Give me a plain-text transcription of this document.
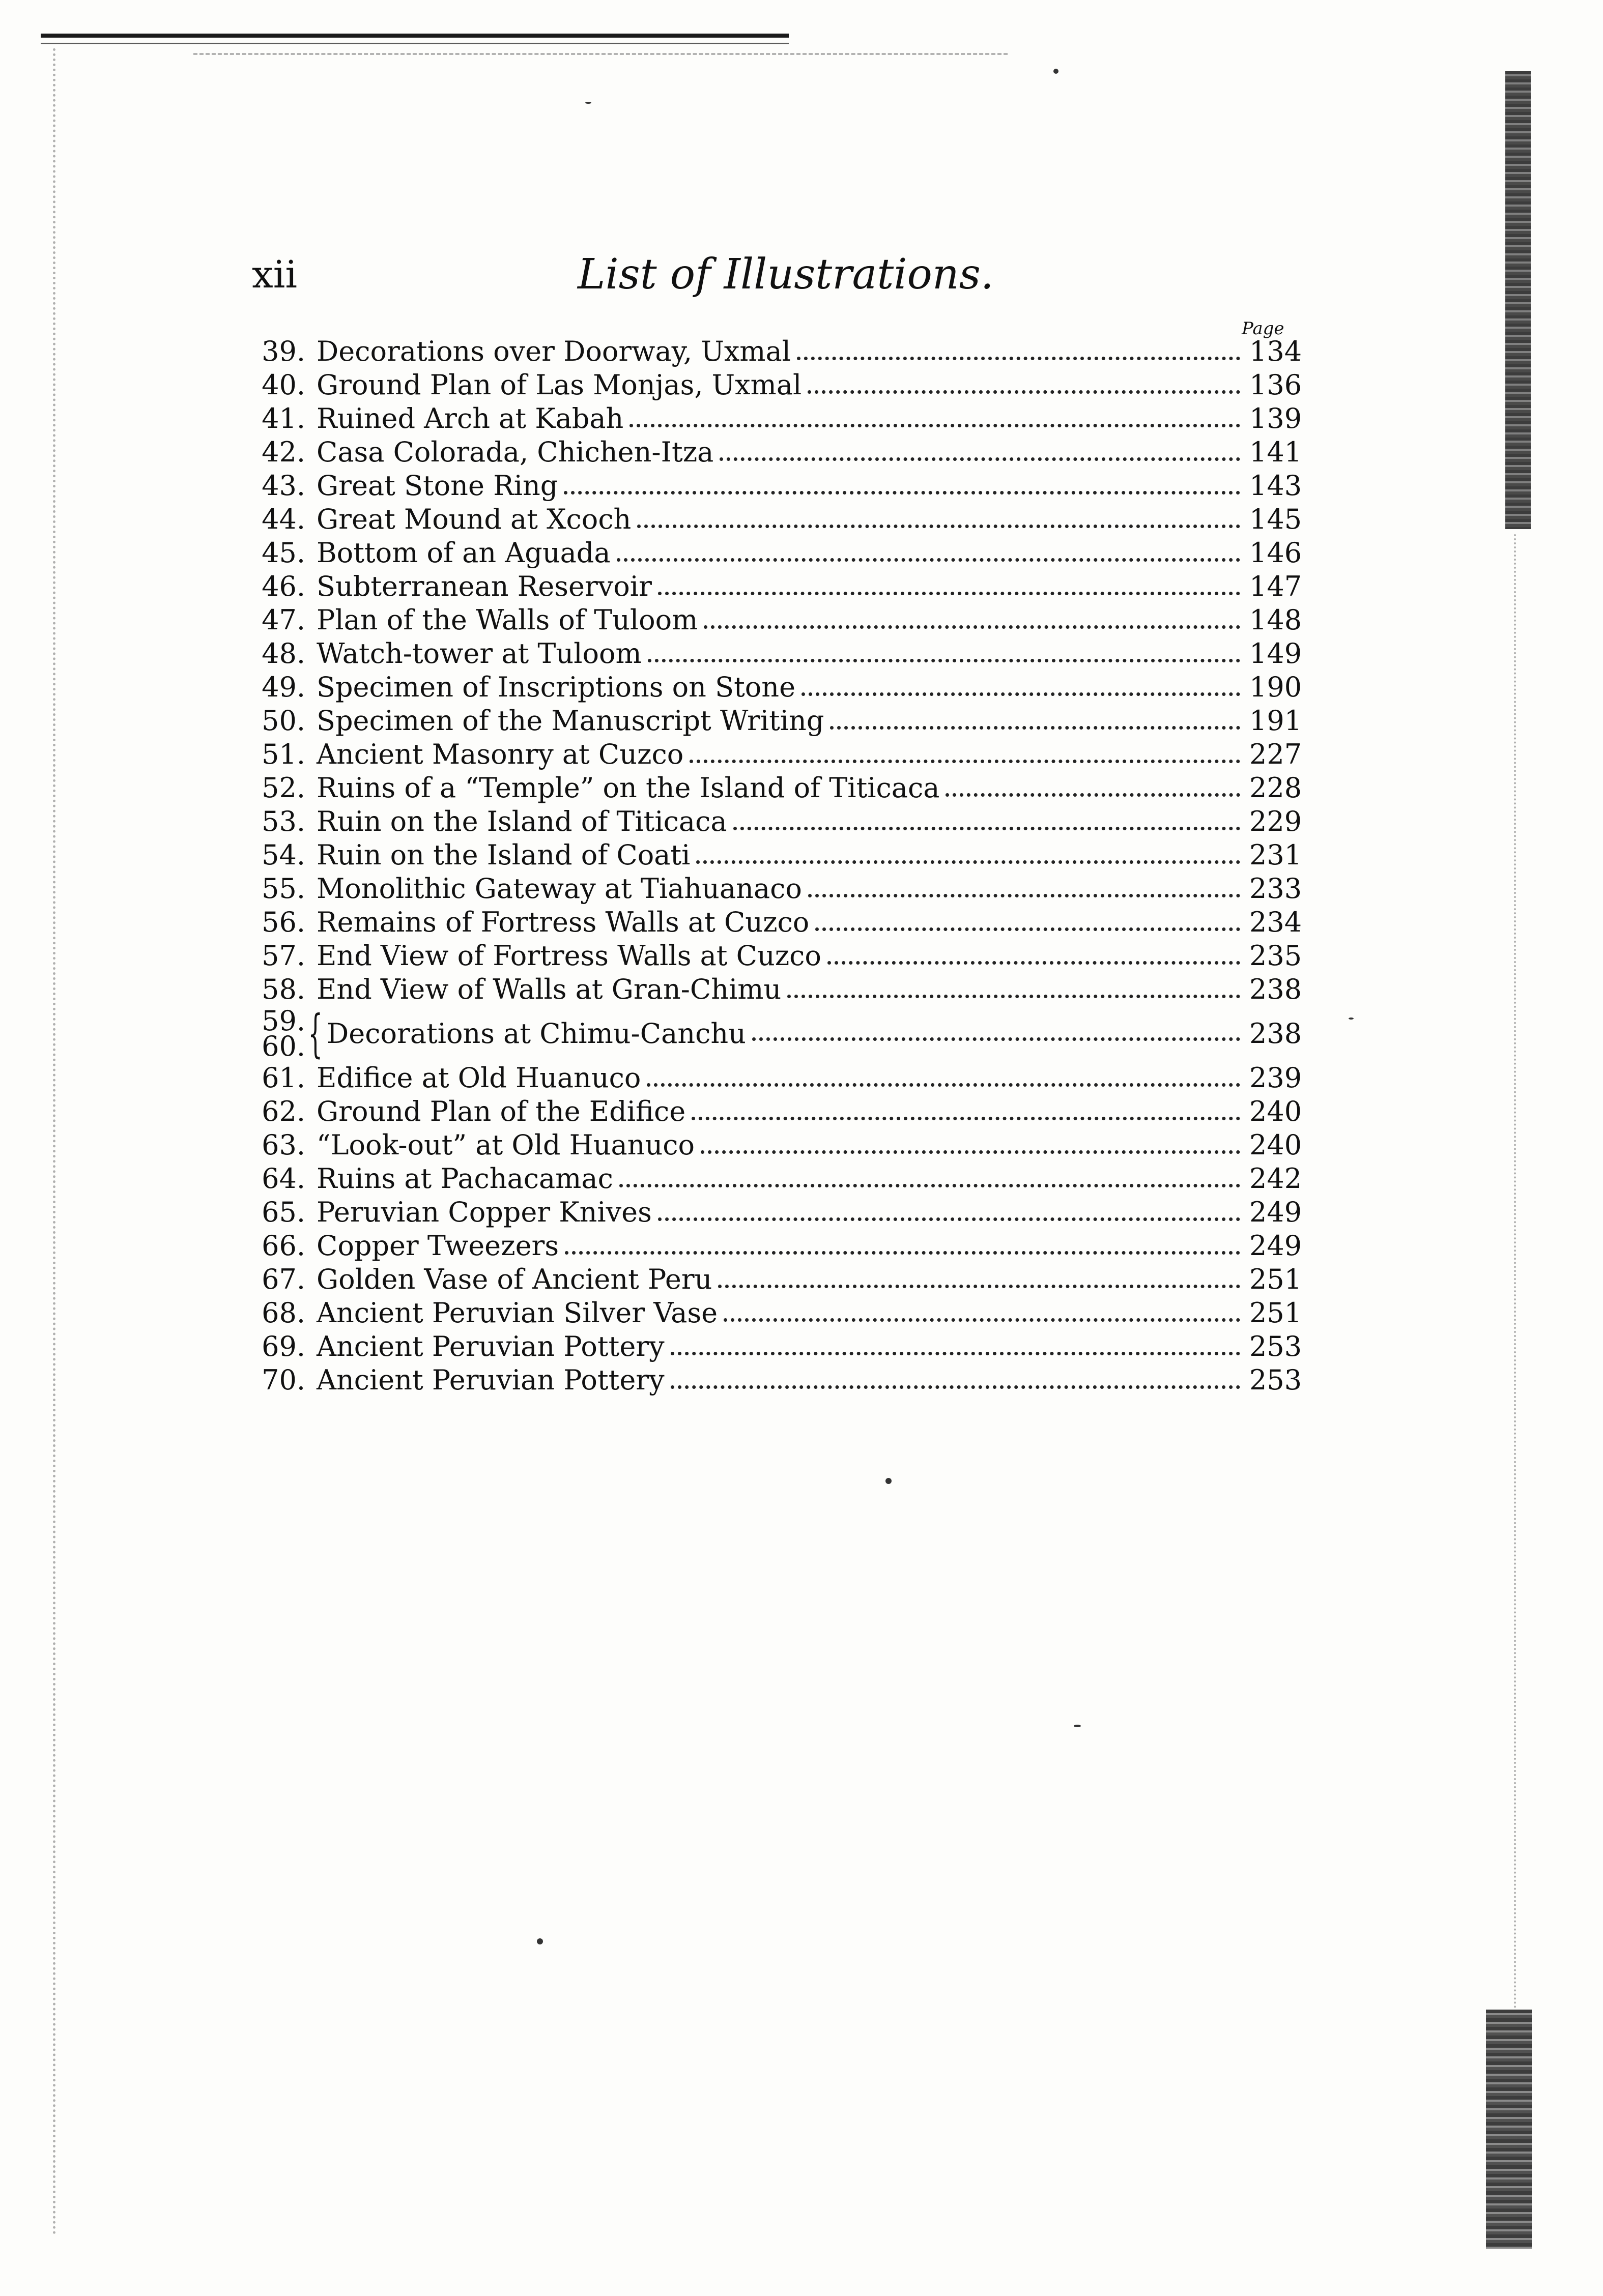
xii	List of Illustrations.
Page
39. Decorations over Doorway, Uxmal	134
40. Ground Plan of Las Monjas, Uxmal	136
41. Ruined Arch at Kabah	139
42. Casa Colorada, Chichen-Itza	141
43. Great Stone Ring	143
44. Great Mound at Xcoch	145
45. Bottom of an Aguada	146
46. Subterranean Reservoir	147
47. Plan of the Walls of Tuloom	148
48. Watch-tower at Tuloom	149
49. Specimen of Inscriptions on Stone	190
50. Specimen of the Manuscript Writing	191
51. Ancient Masonry at Cuzco	227
52. Ruins of a “Temple” on the Island of Titicaca	228
53. Ruin on the Island of Titicaca	229
54. Ruin on the Island of Coati	231
55. Monolithic Gateway at Tiahuanaco	233
56. Remains of Fortress Walls at Cuzco	234
57. End View of Fortress Walls at Cuzco	235
58. End View of Walls at Gran-Chimu	238
59.
60. { Decorations at Chimu-Canchu	238
61. Edifice at Old Huanuco	239
62. Ground Plan of the Edifice	240
63. “Look-out” at Old Huanuco	240
64. Ruins at Pachacamac	242
65. Peruvian Copper Knives	249
66. Copper Tweezers	249
67. Golden Vase of Ancient Peru	251
68. Ancient Peruvian Silver Vase	251
69. Ancient Peruvian Pottery	253
70. Ancient Peruvian Pottery	253
